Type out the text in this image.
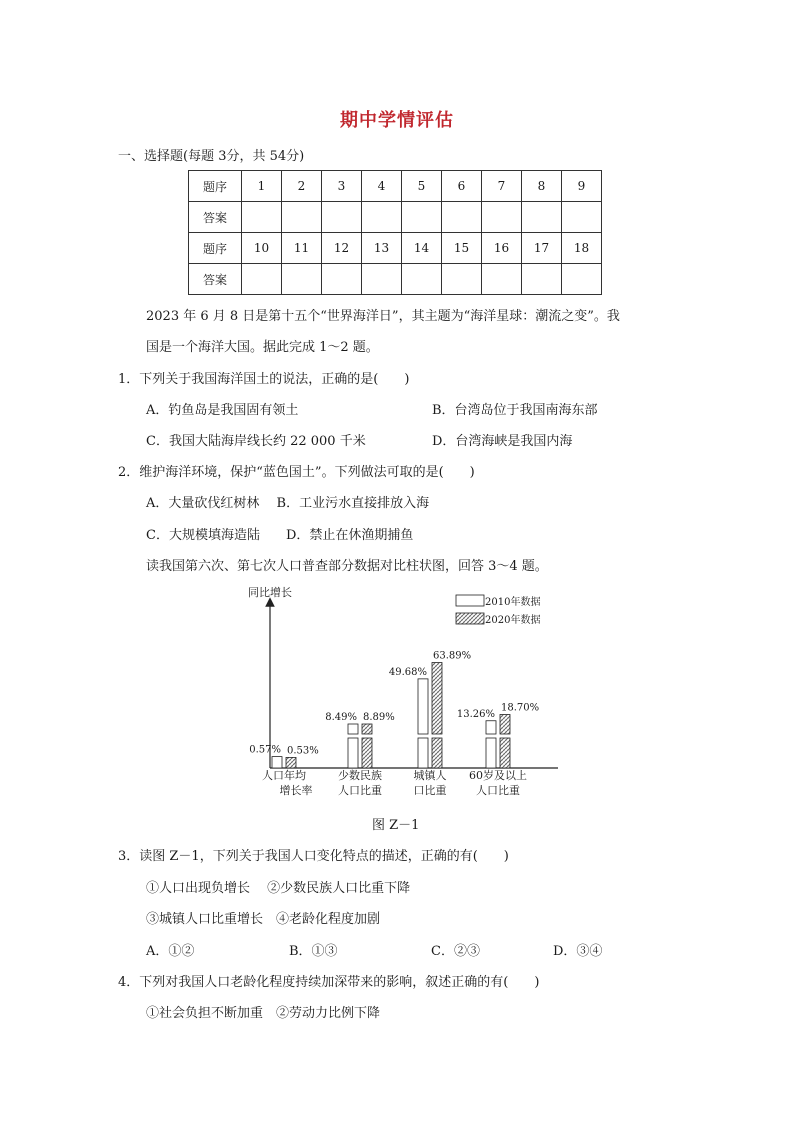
期中学情评估
一、选择题(每题 3分，共 54分)
题序	1	2	3	4	5	6	7	8	9
答案									
题序	10	11	12	13	14	15	16	17	18
答案									
2023 年 6 月 8 日是第十五个“世界海洋日”，其主题为“海洋星球：潮流之变”。我
国是一个海洋大国。据此完成 1～2 题。
1．下列关于我国海洋国土的说法，正确的是(　　)
A．钓鱼岛是我国固有领土	B．台湾岛位于我国南海东部
C．我国大陆海岸线长约 22 000 千米	D．台湾海峡是我国内海
2．维护海洋环境，保护“蓝色国土”。下列做法可取的是(　　)
A．大量砍伐红树林　 B．工业污水直接排放入海
C．大规模填海造陆　　D．禁止在休渔期捕鱼
读我国第六次、第七次人口普查部分数据对比柱状图，回答 3～4 题。
同比增长
2010年数据
2020年数据
0.57%
8.49%
49.68%
13.26%
0.53%
8.89%
63.89%
18.70%
人口年均
增长率
少数民族
人口比重
城镇人
口比重
60岁及以上
人口比重
图 Z－1
3．读图 Z－1，下列关于我国人口变化特点的描述，正确的有(　　)
①人口出现负增长　 ②少数民族人口比重下降
③城镇人口比重增长　④老龄化程度加剧
A．①②	B．①③	C．②③	D．③④
4．下列对我国人口老龄化程度持续加深带来的影响，叙述正确的有(　　)
①社会负担不断加重　②劳动力比例下降
